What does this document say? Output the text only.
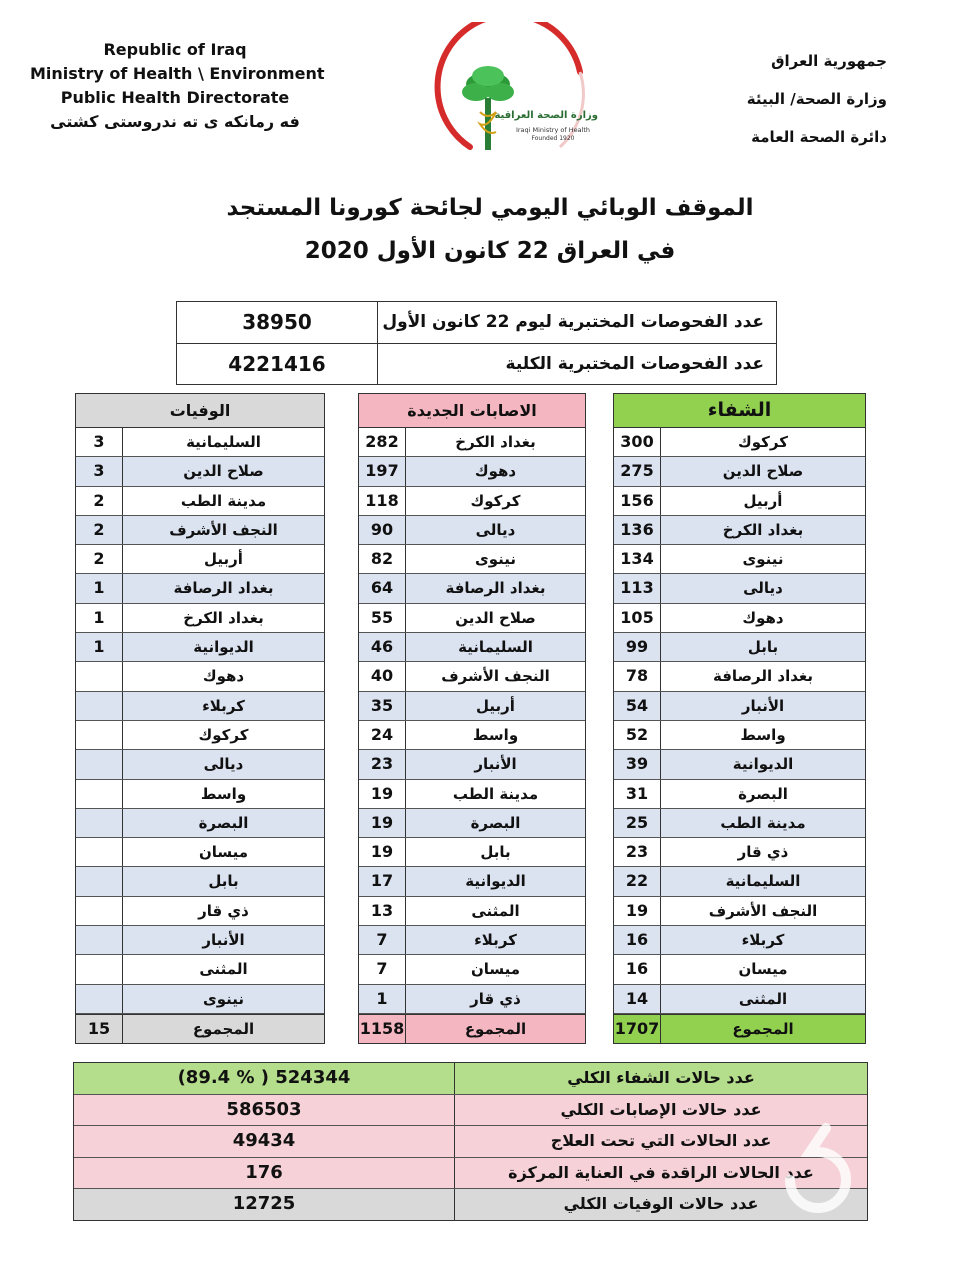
Republic of Iraq
Ministry of Health \ Environment
Public Health Directorate
فه رمانكه ى ته ندروستى كشتى	وزارة الصحة العراقية
Iraqi Ministry of Health
Founded 1920
جمهورية العراق
وزارة الصحة/ البيئة
دائرة الصحة العامة
الموقف الوبائي اليومي لجائحة كورونا المستجد
في العراق 22 كانون الأول 2020
38950	عدد الفحوصات المختبرية ليوم 22 كانون الأول
4221416	عدد الفحوصات المختبرية الكلية
الوفيات
3	السليمانية
3	صلاح الدين
2	مدينة الطب
2	النجف الأشرف
2	أربيل
1	بغداد الرصافة
1	بغداد الكرخ
1	الديوانية
دهوك
كربلاء
كركوك
ديالى
واسط
البصرة
ميسان
بابل
ذي قار
الأنبار
المثنى
نينوى
15	المجموع
الاصابات الجديدة
282	بغداد الكرخ
197	دهوك
118	كركوك
90	ديالى
82	نينوى
64	بغداد الرصافة
55	صلاح الدين
46	السليمانية
40	النجف الأشرف
35	أربيل
24	واسط
23	الأنبار
19	مدينة الطب
19	البصرة
19	بابل
17	الديوانية
13	المثنى
7	كربلاء
7	ميسان
1	ذي قار
1158	المجموع
الشفاء
300	كركوك
275	صلاح الدين
156	أربيل
136	بغداد الكرخ
134	نينوى
113	ديالى
105	دهوك
99	بابل
78	بغداد الرصافة
54	الأنبار
52	واسط
39	الديوانية
31	البصرة
25	مدينة الطب
23	ذي قار
22	السليمانية
19	النجف الأشرف
16	كربلاء
16	ميسان
14	المثنى
1707	المجموع
(89.4 % ) 524344	عدد حالات الشفاء الكلي
586503	عدد حالات الإصابات الكلي
49434	عدد الحالات التي تحت العلاج
176	عدد الحالات الراقدة في العناية المركزة
12725	عدد حالات الوفيات الكلي
